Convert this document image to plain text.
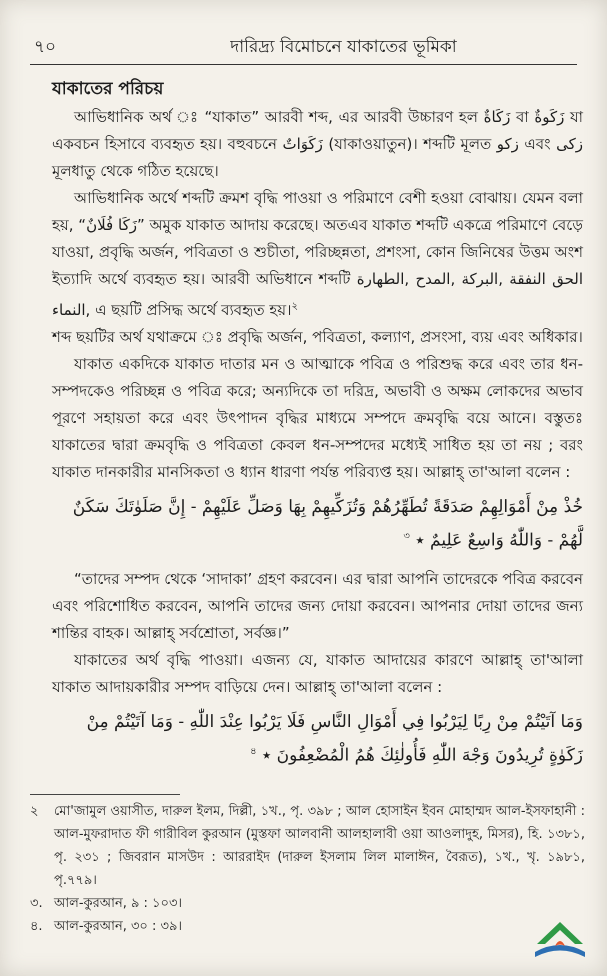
৭০	দারিদ্র্য বিমোচনে যাকাতের ভূমিকা
যাকাতের পরিচয়

আভিধানিক অর্থ ঃ “যাকাত” আরবী শব্দ, এর আরবী উচ্চারণ হল زَكَاةٌ বা زَكَوةٌ যা একবচন হিসাবে ব্যবহৃত হয়। বহুবচনে زَكَوَاتٌ (যাকাওয়াতুন)। শব্দটি মূলত زكو এবং زكى মূলধাতু থেকে গঠিত হয়েছে।

আভিধানিক অর্থে শব্দটি ক্রমশ বৃদ্ধি পাওয়া ও পরিমাণে বেশী হওয়া বোঝায়। যেমন বলা হয়, “زَكَا فُلَانٌ” অমুক যাকাত আদায় করেছে। অতএব যাকাত শব্দটি একত্রে পরিমাণে বেড়ে যাওয়া, প্রবৃদ্ধি অর্জন, পবিত্রতা ও শুচীতা, পরিচ্ছন্নতা, প্রশংসা, কোন জিনিষের উত্তম অংশ ইত্যাদি অর্থে ব্যবহৃত হয়। আরবী অভিধানে শব্দটি الحق النفقة ,البركة ,المدح ,الطهارة ,النماء এ ছয়টি প্রসিদ্ধ অর্থে ব্যবহৃত হয়।$^২$

শব্দ ছয়টির অর্থ যথাক্রমে ঃ প্রবৃদ্ধি অর্জন, পবিত্রতা, কল্যাণ, প্রসংসা, ব্যয় এবং অধিকার।

যাকাত একদিকে যাকাত দাতার মন ও আত্মাকে পবিত্র ও পরিশুদ্ধ করে এবং তার ধন-সম্পদকেও পরিচ্ছন্ন ও পবিত্র করে; অন্যদিকে তা দরিদ্র, অভাবী ও অক্ষম লোকদের অভাব পূরণে সহায়তা করে এবং উৎপাদন বৃদ্ধির মাধ্যমে সম্পদে ক্রমবৃদ্ধি বয়ে আনে। বস্তুতঃ যাকাতের দ্বারা ক্রমবৃদ্ধি ও পবিত্রতা কেবল ধন-সম্পদের মধ্যেই সাধিত হয় তা নয় ; বরং যাকাত দানকারীর মানসিকতা ও ধ্যান ধারণা পর্যন্ত পরিব্যপ্ত হয়। আল্লাহ্ তা'আলা বলেন :

خُذْ مِنْ أَمْوَالِهِمْ صَدَقَةً تُطَهِّرُهُمْ وَتُزَكِّيهِمْ بِهَا وَصَلِّ عَلَيْهِمْ - إِنَّ صَلَوٰتَكَ سَكَنٌ
لَّهُمْ - وَاللّٰهُ وَاسِعٌ عَلِيمٌ ٭ $^৩$

“তাদের সম্পদ থেকে ‘সাদাকা’ গ্রহণ করবেন। এর দ্বারা আপনি তাদেরকে পবিত্র করবেন এবং পরিশোধিত করবেন, আপনি তাদের জন্য দোয়া করবেন। আপনার দোয়া তাদের জন্য শান্তির বাহক। আল্লাহ্ সর্বশ্রোতা, সর্বজ্ঞ।”

যাকাতের অর্থ বৃদ্ধি পাওয়া। এজন্য যে, যাকাত আদায়ের কারণে আল্লাহ্ তা'আলা যাকাত আদায়কারীর সম্পদ বাড়িয়ে দেন। আল্লাহ্ তা'আলা বলেন :

وَمَا آتَيْتُمْ مِنْ رِبًا لِيَرْبُوا فِي أَمْوَالِ النَّاسِ فَلَا يَرْبُوا عِنْدَ اللّٰهِ - وَمَا آتَيْتُمْ مِنْ
زَكَوٰةٍ تُرِيدُونَ وَجْهَ اللّٰهِ فَأُولٰئِكَ هُمُ الْمُضْعِفُونَ ٭ $^৪$
২	মো'জামুল ওয়াসীত, দারুল ইলম, দিল্লী, ১খ., পৃ. ৩৯৮ ; আল হোসাইন ইবন মোহাম্মদ আল-ইসফাহানী : আল-মুফরাদাত ফী গারীবিল কুরআন (মুস্তফা আলবানী আলহালাবী ওয়া আওলাদুহ, মিসর), হি. ১৩৮১, পৃ. ২৩১ ; জিবরান মাসউদ : আররাইদ (দারুল ইসলাম লিল মালাঈন, বৈরূত), ১খ., খৃ. ১৯৮১, পৃ.৭৭৯।
৩. আল-কুরআন, ৯ : ১০৩।
৪. আল-কুরআন, ৩০ : ৩৯।
